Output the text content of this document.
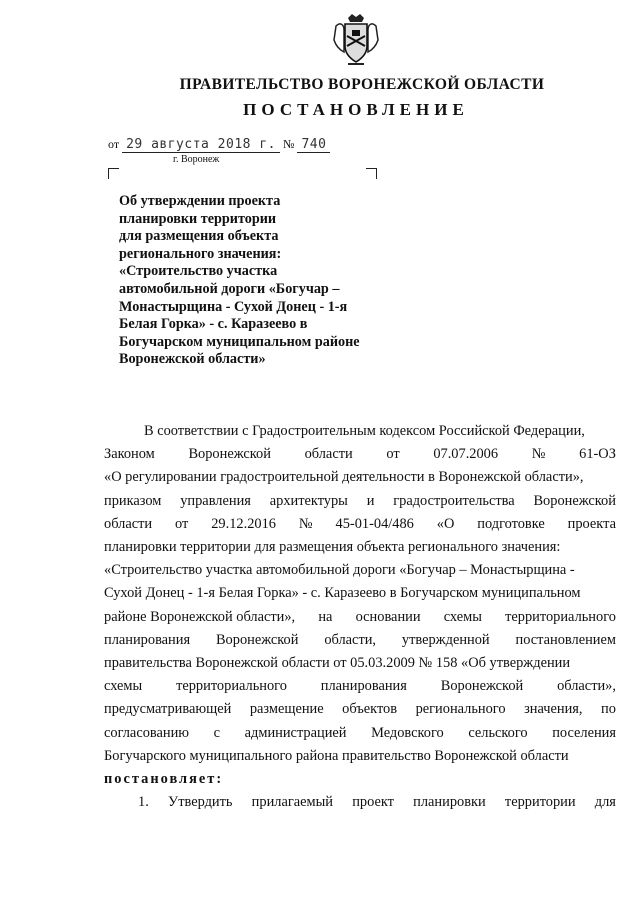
ПРАВИТЕЛЬСТВО ВОРОНЕЖСКОЙ ОБЛАСТИ
ПОСТАНОВЛЕНИЕ
от 29 августа 2018 г. № 740
г. Воронеж
Об утверждении проекта
планировки территории
для размещения объекта
регионального значения:
«Строительство участка
автомобильной дороги «Богучар –
Монастырщина - Сухой Донец - 1-я
Белая Горка» - с. Каразеево в
Богучарском муниципальном районе
Воронежской области»
В соответствии с Градостроительным кодексом Российской Федерации,
Законом Воронежской области от 07.07.2006 № 61-ОЗ
«О регулировании градостроительной деятельности в Воронежской области»,
приказом управления архитектуры и градостроительства Воронежской
области от 29.12.2016 № 45-01-04/486 «О подготовке проекта
планировки территории для размещения объекта регионального значения:
«Строительство участка автомобильной дороги «Богучар – Монастырщина -
Сухой Донец - 1-я Белая Горка» - с. Каразеево в Богучарском муниципальном
районе Воронежской области», на основании схемы территориального
планирования Воронежской области, утвержденной постановлением
правительства Воронежской области от 05.03.2009 № 158 «Об утверждении
схемы территориального планирования Воронежской области»,
предусматривающей размещение объектов регионального значения, по
согласованию с администрацией Медовского сельского поселения
Богучарского муниципального района правительство Воронежской области
постановляет:
1. Утвердить прилагаемый проект планировки территории для
